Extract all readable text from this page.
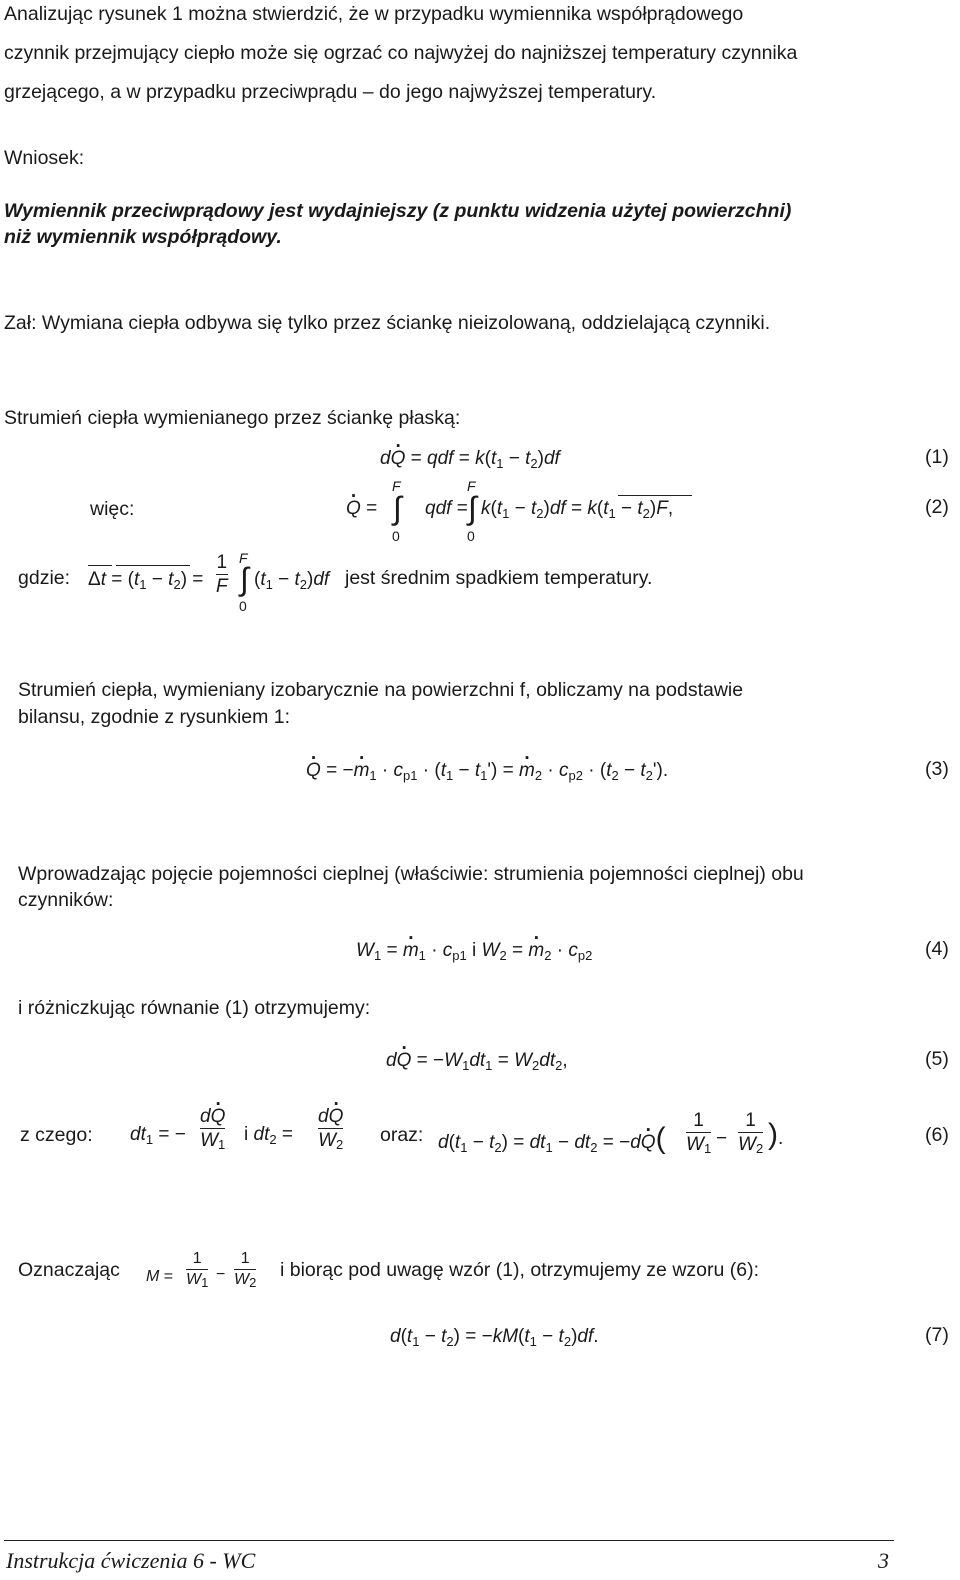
Analizując rysunek 1 można stwierdzić, że w przypadku wymiennika współprądowego
czynnik przejmujący ciepło może się ogrzać co najwyżej do najniższej temperatury czynnika
grzejącego, a w przypadku przeciwprądu – do jego najwyższej temperatury.
Wniosek:
Wymiennik przeciwprądowy jest wydajniejszy (z punktu widzenia użytej powierzchni)
niż wymiennik współprądowy.
Zał: Wymiana ciepła odbywa się tylko przez ściankę nieizolowaną, oddzielającą czynniki.
Strumień ciepła wymienianego przez ściankę płaską:
d· Q = qdf = $k(t_1 - t_2)df$	(1)
więc:	· Q =
F
∫
0
qdf =
F
∫
0
$k(t_1 - t_2)df = k(t_1 - t_2)F$,	(2)
gdzie: $\Delta t = (t_1 - t_2)$ =
1
F
F
∫
0
$(t_1 - t_2)df$ jest średnim spadkiem temperatury.
Strumień ciepła, wymieniany izobarycznie na powierzchni f, obliczamy na podstawie
bilansu, zgodnie z rysunkiem 1:
· Q = −· $m_1 \cdot c_{p1} \cdot (t_1 - t_1')$ = · $m_2 \cdot c_{p2} \cdot (t_2 - t_2')$.	(3)
Wprowadzając pojęcie pojemności cieplnej (właściwie: strumienia pojemności cieplnej) obu
czynników:
$W_1$ = · $m_1 \cdot c_{p1}$ i $W_2$ = · $m_2 \cdot c_{p2}$	(4)
i różniczkując równanie (1) otrzymujemy:
$d\cdot Q = -W_1dt_1 = W_2dt_2$,	(5)
z czego: $dt_1$ = −
d· Q
$W_1$ i $dt_2$ =
d· Q
$W_2$ oraz: $d(t_1 - t_2) = dt_1 - dt_2 = -d\cdot Q$(
1
$W_1$ −
1
$W_2$ ).	(6)
Oznaczając M =
1
$W_1$ −
1
$W_2$
i biorąc pod uwagę wzór (1), otrzymujemy ze wzoru (6):
$d(t_1 - t_2) = -kM(t_1 - t_2)df$.	(7)
Instrukcja ćwiczenia 6 - WC	3
